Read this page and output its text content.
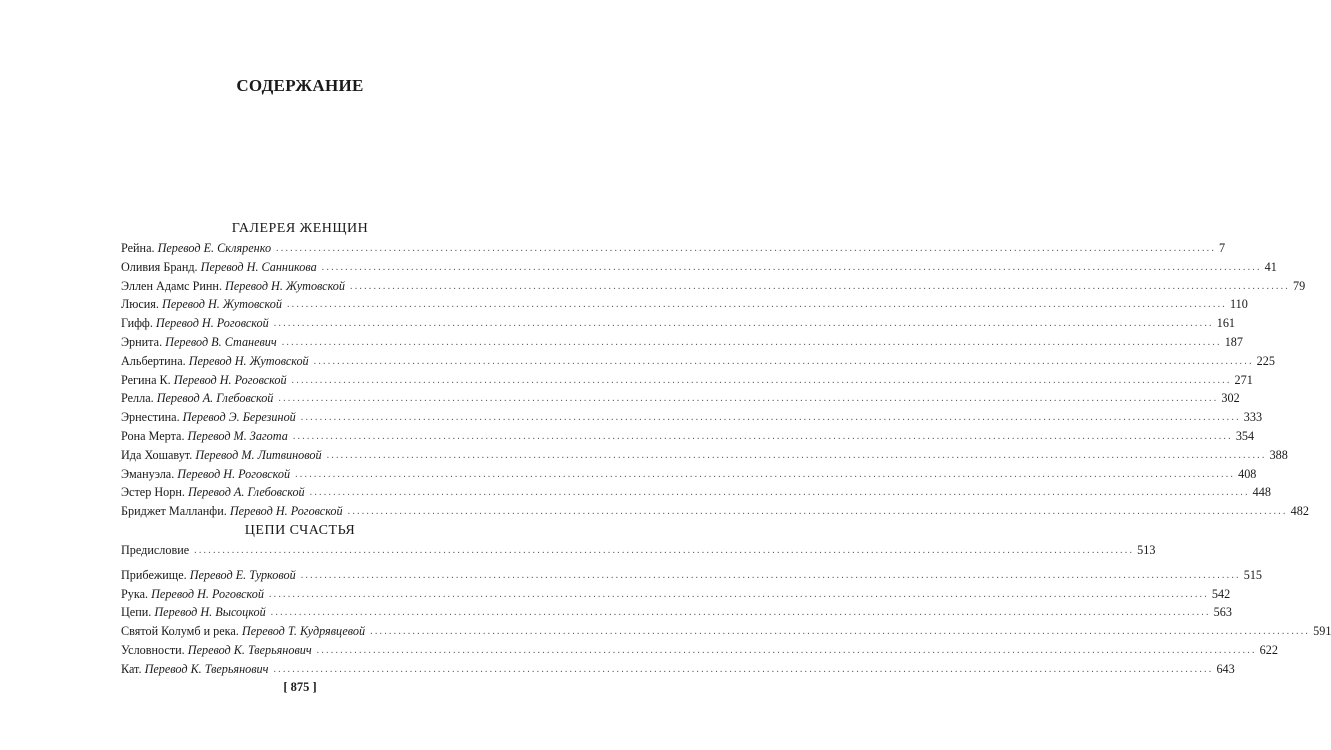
СОДЕРЖАНИЕ
ГАЛЕРЕЯ ЖЕНЩИН
Рейна. Перевод Е. Скляренко ........................................................................................................................................................................................................ 7
Оливия Бранд. Перевод Н. Санникова ........................................................................................................................................................................................................ 41
Эллен Адамс Ринн. Перевод Н. Жутовской ........................................................................................................................................................................................................ 79
Люсия. Перевод Н. Жутовской ........................................................................................................................................................................................................ 110
Гифф. Перевод Н. Роговской ........................................................................................................................................................................................................ 161
Эрнита. Перевод В. Станевич ........................................................................................................................................................................................................ 187
Альбертина. Перевод Н. Жутовской ........................................................................................................................................................................................................ 225
Регина К. Перевод Н. Роговской ........................................................................................................................................................................................................ 271
Релла. Перевод А. Глебовской ........................................................................................................................................................................................................ 302
Эрнестина. Перевод Э. Березиной ........................................................................................................................................................................................................ 333
Рона Мерта. Перевод М. Загота ........................................................................................................................................................................................................ 354
Ида Хошавут. Перевод М. Литвиновой ........................................................................................................................................................................................................ 388
Эмануэла. Перевод Н. Роговской ........................................................................................................................................................................................................ 408
Эстер Норн. Перевод А. Глебовской ........................................................................................................................................................................................................ 448
Бриджет Малланфи. Перевод Н. Роговской ........................................................................................................................................................................................................ 482
ЦЕПИ СЧАСТЬЯ
Предисловие ........................................................................................................................................................................................................ 513
Прибежище. Перевод Е. Турковой ........................................................................................................................................................................................................ 515
Рука. Перевод Н. Роговской ........................................................................................................................................................................................................ 542
Цепи. Перевод Н. Высоцкой ........................................................................................................................................................................................................ 563
Святой Колумб и река. Перевод Т. Кудрявцевой ........................................................................................................................................................................................................ 591
Условности. Перевод К. Тверьянович ........................................................................................................................................................................................................ 622
Кат. Перевод К. Тверьянович ........................................................................................................................................................................................................ 643
[ 875 ]
